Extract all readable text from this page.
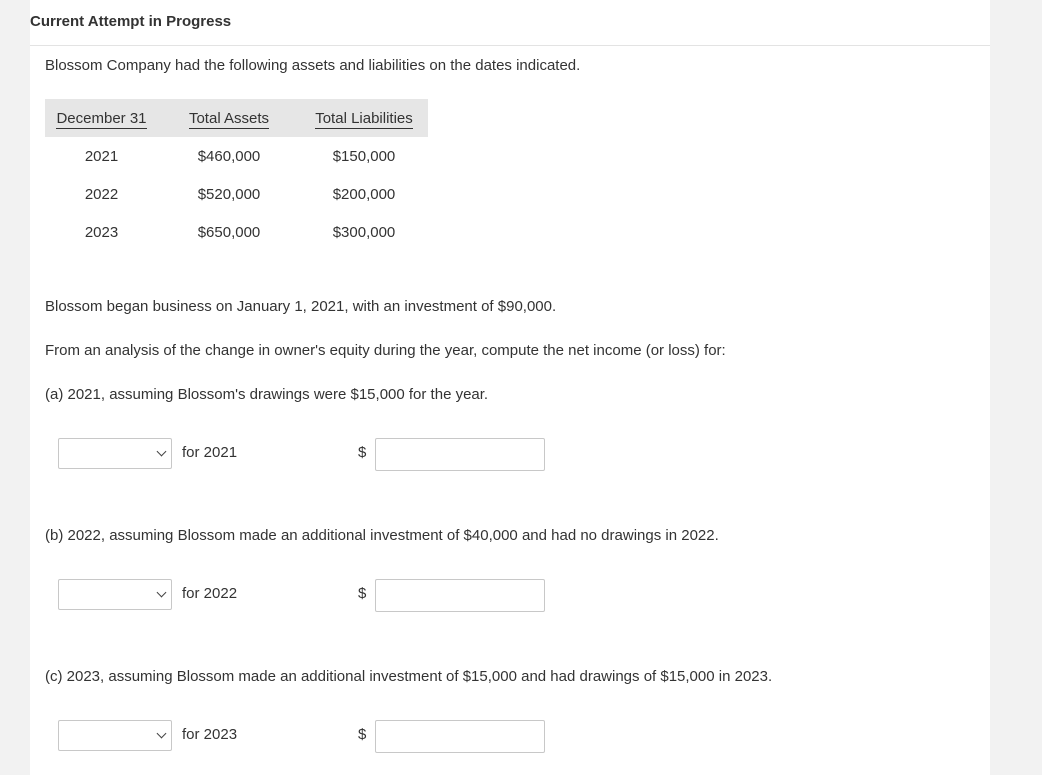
Current Attempt in Progress
Blossom Company had the following assets and liabilities on the dates indicated.
December 31	Total Assets	Total Liabilities
2021	$460,000	$150,000
2022	$520,000	$200,000
2023	$650,000	$300,000
Blossom began business on January 1, 2021, with an investment of $90,000.
From an analysis of the change in owner's equity during the year, compute the net income (or loss) for:
(a) 2021, assuming Blossom's drawings were $15,000 for the year.
for 2021	$
(b) 2022, assuming Blossom made an additional investment of $40,000 and had no drawings in 2022.
for 2022	$
(c) 2023, assuming Blossom made an additional investment of $15,000 and had drawings of $15,000 in 2023.
for 2023	$
